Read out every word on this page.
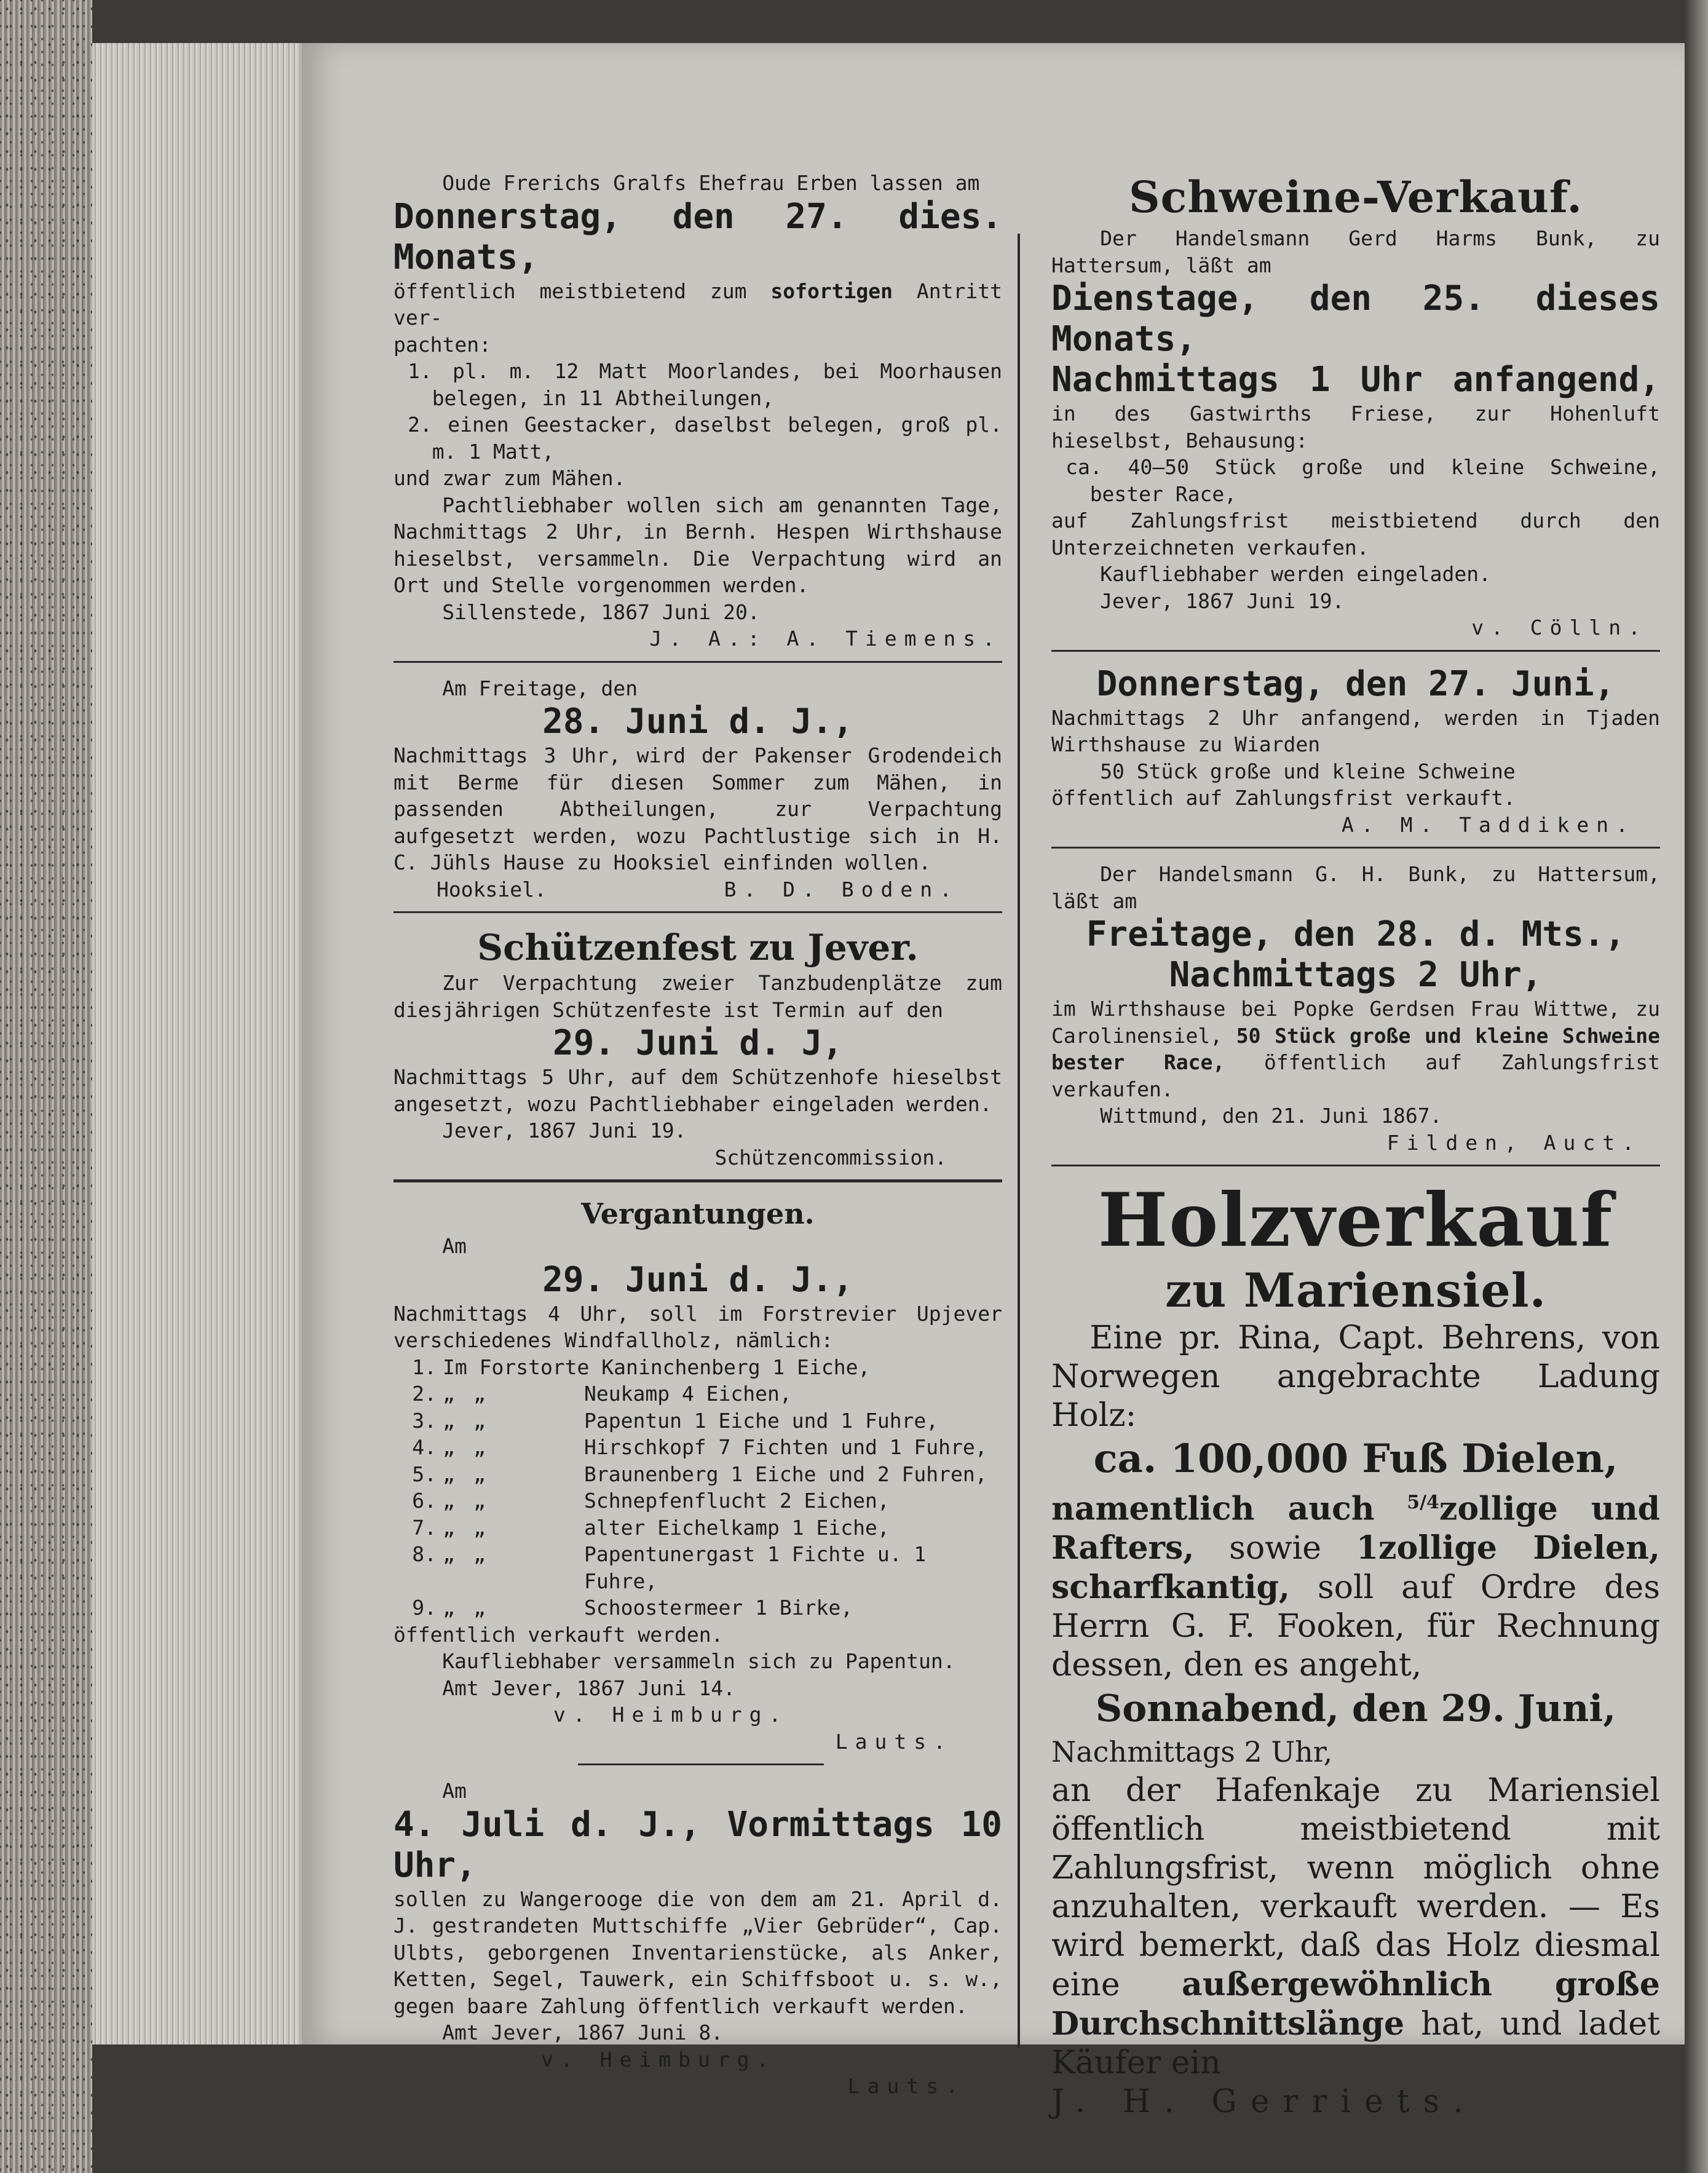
Oude Frerichs Gralfs Ehefrau Erben lassen am
Donnerstag, den 27. dies. Monats,
öffentlich meistbietend zum sofortigen Antritt ver-
pachten:
1. pl. m. 12 Matt Moorlandes, bei Moorhausen belegen, in 11 Abtheilungen,
2. einen Geestacker, daselbst belegen, groß pl. m. 1 Matt,
und zwar zum Mähen.
Pachtliebhaber wollen sich am genannten Tage, Nachmittags 2 Uhr, in Bernh. Hespen Wirthshause hieselbst, versammeln. Die Verpachtung wird an Ort und Stelle vorgenommen werden.
Sillenstede, 1867 Juni 20.
J. A.: A. Tiemens.
Am Freitage, den
28. Juni d. J.,
Nachmittags 3 Uhr, wird der Pakenser Grodendeich mit Berme für diesen Sommer zum Mähen, in passenden Abtheilungen, zur Verpachtung aufgesetzt werden, wozu Pachtlustige sich in H. C. Jühls Hause zu Hooksiel einfinden wollen.
Hooksiel.	B. D. Boden.
Schützenfest zu Jever.
Zur Verpachtung zweier Tanzbudenplätze zum diesjährigen Schützenfeste ist Termin auf den
29. Juni d. J,
Nachmittags 5 Uhr, auf dem Schützenhofe hieselbst angesetzt, wozu Pachtliebhaber eingeladen werden.
Jever, 1867 Juni 19.
Schützencommission.
Vergantungen.
Am
29. Juni d. J.,
Nachmittags 4 Uhr, soll im Forstrevier Upjever verschiedenes Windfallholz, nämlich:
1. Im Forstorte Kaninchenberg 1 Eiche,
2. „ „	Neukamp 4 Eichen,
3. „ „	Papentun 1 Eiche und 1 Fuhre,
4. „ „	Hirschkopf 7 Fichten und 1 Fuhre,
5. „ „	Braunenberg 1 Eiche und 2 Fuhren,
6. „ „	Schnepfenflucht 2 Eichen,
7. „ „	alter Eichelkamp 1 Eiche,
8. „ „	Papentunergast 1 Fichte u. 1 Fuhre,
9. „ „	Schoostermeer 1 Birke,
öffentlich verkauft werden.
Kaufliebhaber versammeln sich zu Papentun.
Amt Jever, 1867 Juni 14.
v. Heimburg.
Lauts.
Am
4. Juli d. J., Vormittags 10 Uhr,
sollen zu Wangerooge die von dem am 21. April d. J. gestrandeten Muttschiffe „Vier Gebrüder“, Cap. Ulbts, geborgenen Inventarienstücke, als Anker, Ketten, Segel, Tauwerk, ein Schiffsboot u. s. w., gegen baare Zahlung öffentlich verkauft werden.
Amt Jever, 1867 Juni 8.
v. Heimburg.
Lauts.
Schweine-Verkauf.
Der Handelsmann Gerd Harms Bunk, zu Hattersum, läßt am
Dienstage, den 25. dieses Monats,
Nachmittags 1 Uhr anfangend,
in des Gastwirths Friese, zur Hohenluft hieselbst, Behausung:
ca. 40—50 Stück große und kleine Schweine, bester Race,
auf Zahlungsfrist meistbietend durch den Unterzeichneten verkaufen.
Kaufliebhaber werden eingeladen.
Jever, 1867 Juni 19.
v. Cölln.
Donnerstag, den 27. Juni,
Nachmittags 2 Uhr anfangend, werden in Tjaden Wirthshause zu Wiarden
50 Stück große und kleine Schweine
öffentlich auf Zahlungsfrist verkauft.
A. M. Taddiken.
Der Handelsmann G. H. Bunk, zu Hattersum, läßt am
Freitage, den 28. d. Mts.,
Nachmittags 2 Uhr,
im Wirthshause bei Popke Gerdsen Frau Wittwe, zu Carolinensiel, 50 Stück große und kleine Schweine bester Race, öffentlich auf Zahlungsfrist verkaufen.
Wittmund, den 21. Juni 1867.
Filden, Auct.
Holzverkauf
zu Mariensiel.
Eine pr. Rina, Capt. Behrens, von Norwegen angebrachte Ladung Holz:
ca. 100,000 Fuß Dielen,
namentlich auch $^{5/4}$zollige und Rafters, sowie 1zollige Dielen, scharfkantig, soll auf Ordre des Herrn G. F. Fooken, für Rechnung dessen, den es angeht,
Sonnabend, den 29. Juni,
Nachmittags 2 Uhr,
an der Hafenkaje zu Mariensiel öffentlich meistbietend mit Zahlungsfrist, wenn möglich ohne anzuhalten, verkauft werden. — Es wird bemerkt, daß das Holz diesmal eine außergewöhnlich große Durchschnittslänge hat, und ladet Käufer ein
J. H. Gerriets.
